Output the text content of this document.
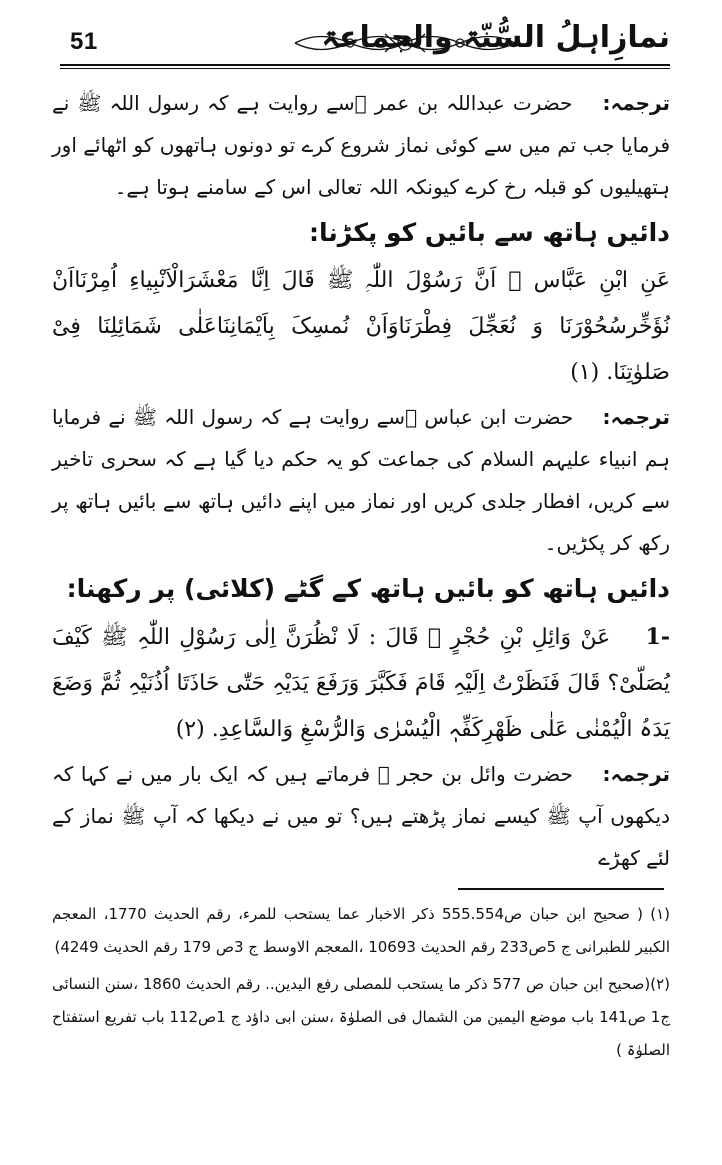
51	نمازِاہلُ السُّنّۃ والجماعۃ

ترجمہ: حضرت عبداللہ بن عمر ﷠سے روایت ہے کہ رسول اللہ ﷺ نے فرمایا جب تم میں سے کوئی نماز شروع کرے تو دونوں ہاتھوں کو اٹھائے اور ہتھیلیوں کو قبلہ رخ کرے کیونکہ اللہ تعالی اس کے سامنے ہوتا ہے۔

دائیں ہاتھ سے بائیں کو پکڑنا:

عَنِ ابْنِ عَبَّاس ﷠ اَنَّ رَسُوْلَ اللّٰہِ ﷺ قَالَ اِنَّا مَعْشَرَالْاَنْبِیاءِ اُمِرْنَااَنْ نُؤَخِّرسُحُوْرَنَا وَ نُعَجِّلَ فِطْرَنَاوَاَنْ نُمسِکَ بِاَیْمَانِنَاعَلٰی شَمَائِلِنَا فِیْ صَلوٰتِنَا. (۱)

ترجمہ: حضرت ابن عباس ﷠سے روایت ہے کہ رسول اللہ ﷺ نے فرمایا ہم انبیاء علیہم السلام کی جماعت کو یہ حکم دیا گیا ہے کہ سحری تاخیر سے کریں، افطار جلدی کریں اور نماز میں اپنے دائیں ہاتھ سے بائیں ہاتھ پر رکھ کر پکڑیں۔

دائیں ہاتھ کو بائیں ہاتھ کے گٹے (کلائی) پر رکھنا:

1- عَنْ وَائِلِ بْنِ حُجْرٍ ﷛ قَالَ : لَا نْظُرَنَّ اِلٰی رَسُوْلِ اللّٰہِ ﷺ کَیْفَ یُصَلّیْ؟ قَالَ فَنَظَرْتُ اِلَیْہِ قَامَ فَکَبَّرَ وَرَفَعَ یَدَیْہِ حَتّٰی حَاذَتَا اُذُنَیْہِ ثُمَّ وَضَعَ یَدَہُ الْیُمْنٰی عَلٰی ظَھْرِکَفِّہٖ الْیُسْرٰی وَالرُّسْغِ وَالسَّاعِدِ. (۲)

ترجمہ: حضرت وائل بن حجر ﷛ فرماتے ہیں کہ ایک بار میں نے کہا کہ دیکھوں آپ ﷺ کیسے نماز پڑھتے ہیں؟ تو میں نے دیکھا کہ آپ ﷺ نماز کے لئے کھڑے

(۱) ( صحیح ابن حبان ص555.554 ذکر الاخبار عما یستحب للمرء، رقم الحدیث 1770، المعجم الکبیر للطبرانی ج 5ص233 رقم الحدیث 10693 ،المعجم الاوسط ج 3ص 179 رقم الحدیث 4249)

(۲)(صحیح ابن حبان ص 577 ذکر ما یستحب للمصلی رفع الیدین.. رقم الحدیث 1860 ،سنن النسائی ج1 ص141 باب موضع الیمین من الشمال فی الصلوٰۃ ،سنن ابی داؤد ج 1ص112 باب تفریع استفتاح الصلوٰۃ )
